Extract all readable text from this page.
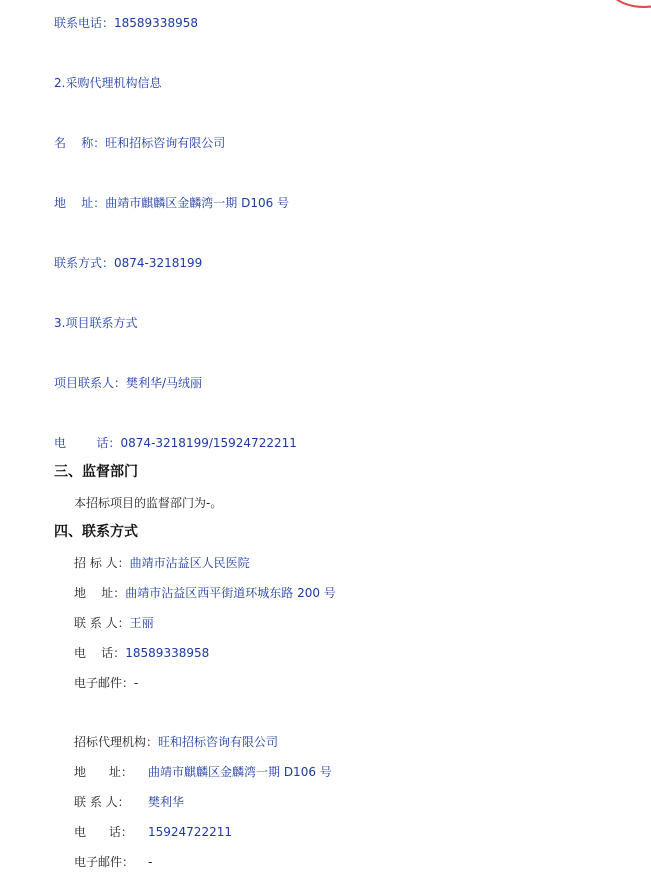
联系电话：18589338958
2.采购代理机构信息
名    称：旺和招标咨询有限公司
地    址：曲靖市麒麟区金麟湾一期 D106 号
联系方式：0874-3218199
3.项目联系方式
项目联系人：樊利华/马绒丽
电        话：0874-3218199/15924722211
三、监督部门
本招标项目的监督部门为-。
四、联系方式
招 标 人：曲靖市沾益区人民医院
地    址：曲靖市沾益区西平街道环城东路 200 号
联 系 人：王丽
电    话：18589338958
电子邮件：-
招标代理机构：旺和招标咨询有限公司
地      址： 曲靖市麒麟区金麟湾一期 D106 号
联 系 人： 樊利华
电      话： 15924722211
电子邮件： -
